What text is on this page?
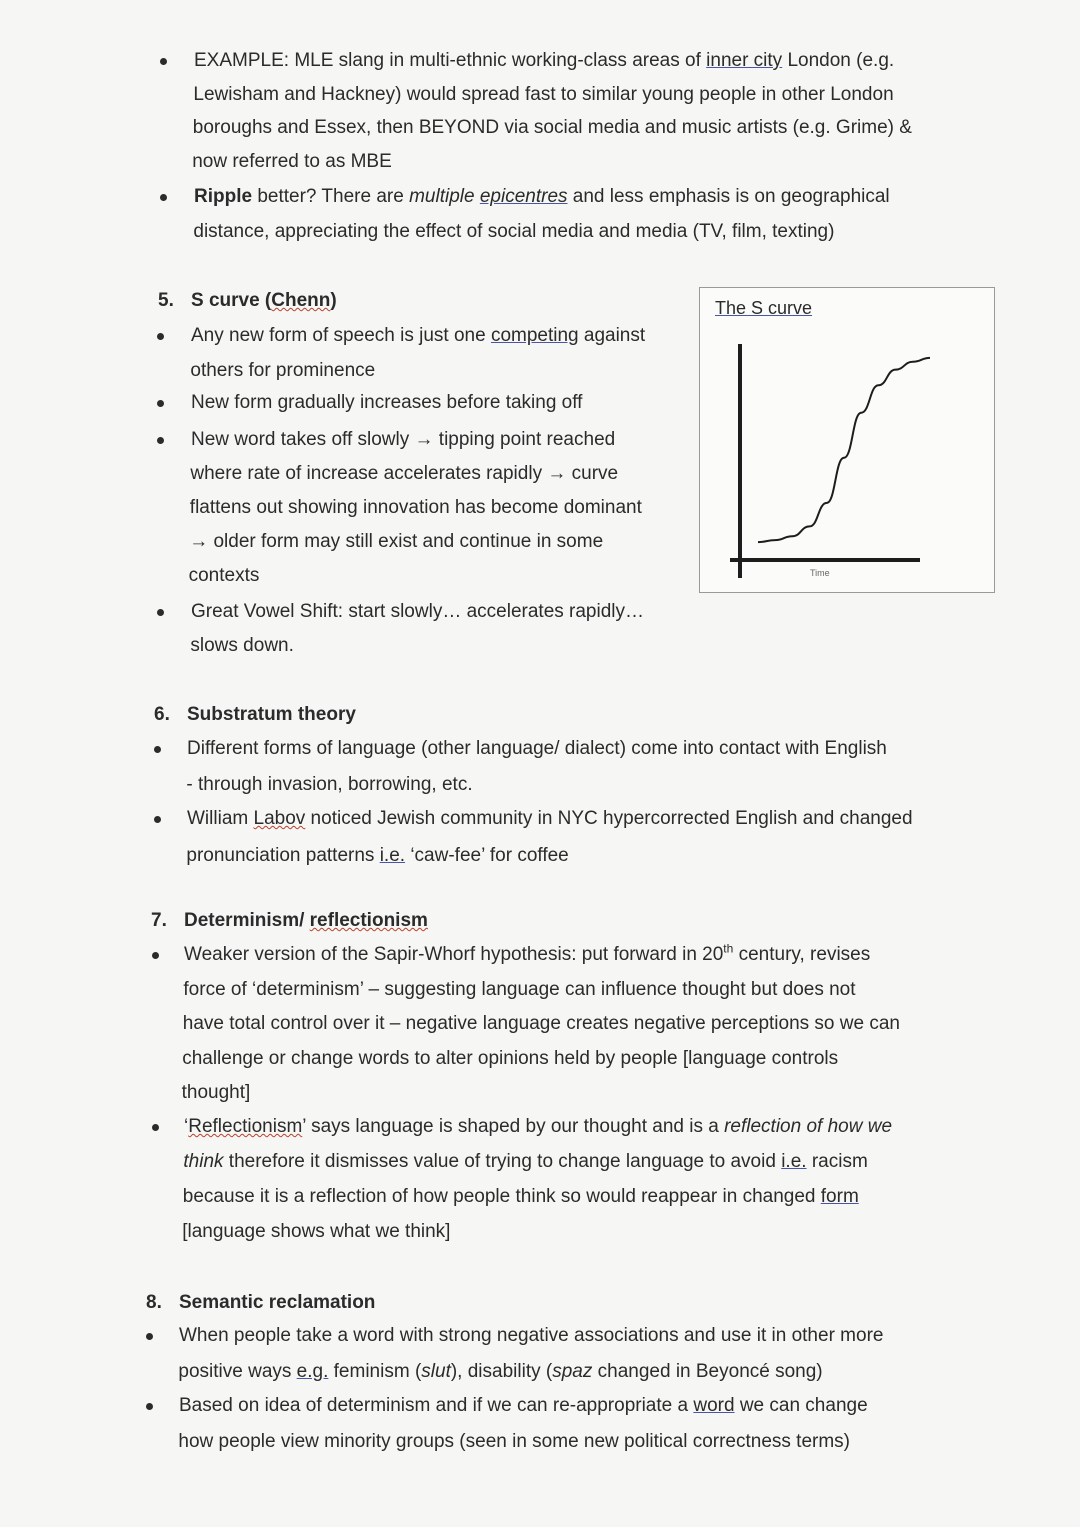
EXAMPLE: MLE slang in multi-ethnic working-class areas of inner city London (e.g.
Lewisham and Hackney) would spread fast to similar young people in other London
boroughs and Essex, then BEYOND via social media and music artists (e.g. Grime) &
now referred to as MBE
Ripple better? There are multiple epicentres and less emphasis is on geographical
distance, appreciating the effect of social media and media (TV, film, texting)
5. S curve (Chenn)
Any new form of speech is just one competing against
others for prominence
New form gradually increases before taking off
New word takes off slowly → tipping point reached
where rate of increase accelerates rapidly → curve
flattens out showing innovation has become dominant
→ older form may still exist and continue in some
contexts
Great Vowel Shift: start slowly… accelerates rapidly…
slows down.
The S curve
Time
6. Substratum theory
Different forms of language (other language/ dialect) come into contact with English
- through invasion, borrowing, etc.
William Labov noticed Jewish community in NYC hypercorrected English and changed
pronunciation patterns i.e. ‘caw-fee’ for coffee
7. Determinism/ reflectionism
Weaker version of the Sapir-Whorf hypothesis: put forward in 20th century, revises
force of ‘determinism’ – suggesting language can influence thought but does not
have total control over it – negative language creates negative perceptions so we can
challenge or change words to alter opinions held by people [language controls
thought]
‘Reflectionism’ says language is shaped by our thought and is a reflection of how we
think therefore it dismisses value of trying to change language to avoid i.e. racism
because it is a reflection of how people think so would reappear in changed form
[language shows what we think]
8. Semantic reclamation
When people take a word with strong negative associations and use it in other more
positive ways e.g. feminism (slut), disability (spaz changed in Beyoncé song)
Based on idea of determinism and if we can re-appropriate a word we can change
how people view minority groups (seen in some new political correctness terms)
